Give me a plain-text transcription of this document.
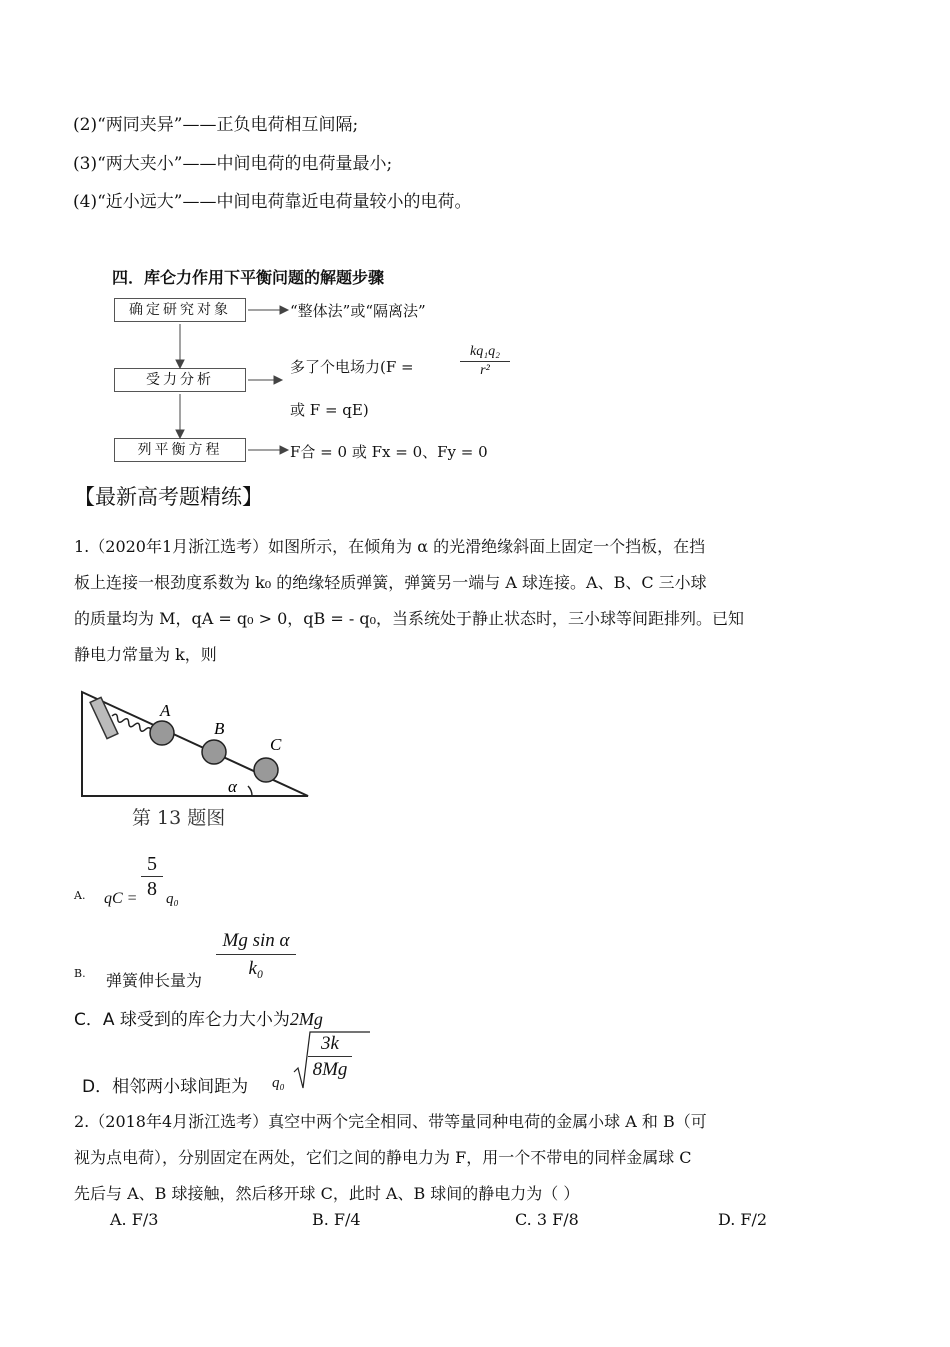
(2)“两同夹异”——正负电荷相互间隔;
(3)“两大夹小”——中间电荷的电荷量最小;
(4)“近小远大”——中间电荷靠近电荷量较小的电荷。
四．库仑力作用下平衡问题的解题步骤
确定研究对象
受力分析
列平衡方程
“整体法”或“隔离法”
多了个电场力(F =	$\frac{\text{kq₁q₂}}{\text{r²}}$
或 F = qE)
F合 = 0 或 Fx = 0、Fy = 0
【最新高考题精练】
1.（2020年1月浙江选考）如图所示，在倾角为 α 的光滑绝缘斜面上固定一个挡板，在挡
板上连接一根劲度系数为 k₀ 的绝缘轻质弹簧，弹簧另一端与 A 球连接。A、B、C 三小球
的质量均为 M，qA = q₀ > 0，qB = - q₀，当系统处于静止状态时，三小球等间距排列。已知
静电力常量为 k，则
A
B
C
α
第 13 题图
A. qC = $\frac{5}{8} q_0$
B. 弹簧伸长量为 $\frac{\text{Mg sin α}}{\text{k₀}}$
C．A 球受到的库仑力大小为2Mg
D．相邻两小球间距为 $q_0 \frac{3k}{8Mg}$
2.（2018年4月浙江选考）真空中两个完全相同、带等量同种电荷的金属小球 A 和 B（可
视为点电荷），分别固定在两处，它们之间的静电力为 F，用一个不带电的同样金属球 C
先后与 A、B 球接触，然后移开球 C，此时 A、B 球间的静电力为（ ）
A. F/3	B. F/4	C. 3 F/8	D. F/2
